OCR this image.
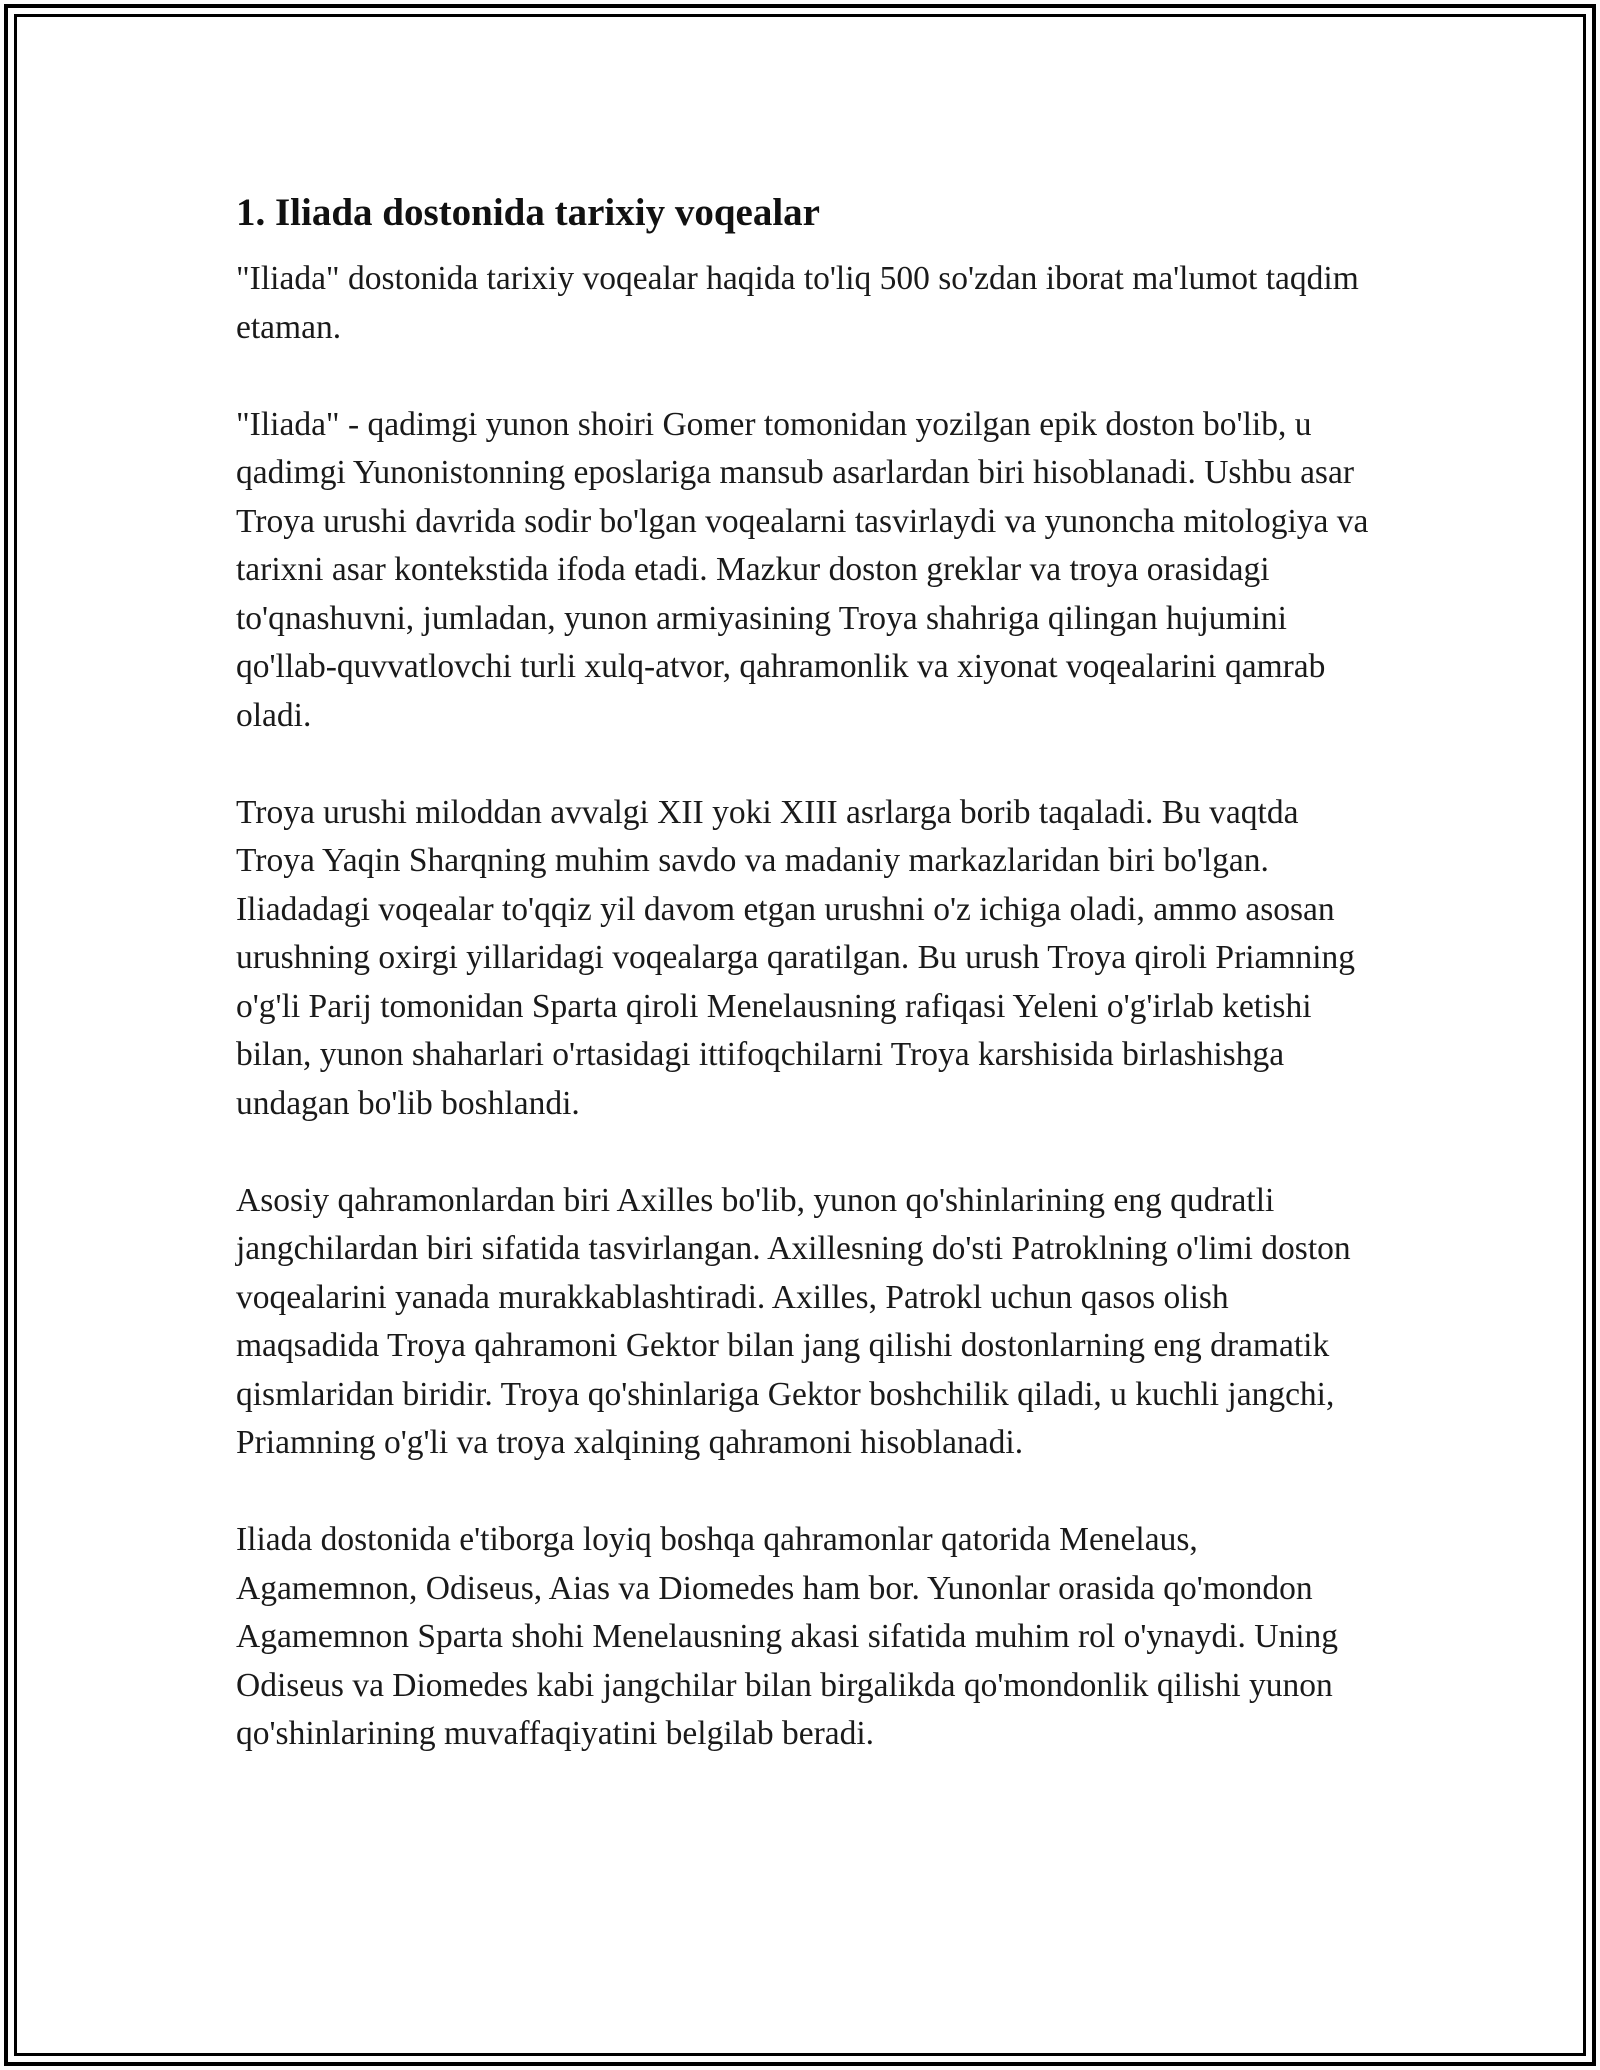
1. Iliada dostonida tarixiy voqealar

"Iliada" dostonida tarixiy voqealar haqida to'liq 500 so'zdan iborat ma'lumot taqdim etaman.

"Iliada" - qadimgi yunon shoiri Gomer tomonidan yozilgan epik doston bo'lib, u qadimgi Yunonistonning eposlariga mansub asarlardan biri hisoblanadi. Ushbu asar Troya urushi davrida sodir bo'lgan voqealarni tasvirlaydi va yunoncha mitologiya va tarixni asar kontekstida ifoda etadi. Mazkur doston greklar va troya orasidagi to'qnashuvni, jumladan, yunon armiyasining Troya shahriga qilingan hujumini qo'llab-quvvatlovchi turli xulq-atvor, qahramonlik va xiyonat voqealarini qamrab oladi.

Troya urushi miloddan avvalgi XII yoki XIII asrlarga borib taqaladi. Bu vaqtda Troya Yaqin Sharqning muhim savdo va madaniy markazlaridan biri bo'lgan. Iliadadagi voqealar to'qqiz yil davom etgan urushni o'z ichiga oladi, ammo asosan urushning oxirgi yillaridagi voqealarga qaratilgan. Bu urush Troya qiroli Priamning o'g'li Parij tomonidan Sparta qiroli Menelausning rafiqasi Yeleni o'g'irlab ketishi bilan, yunon shaharlari o'rtasidagi ittifoqchilarni Troya karshisida birlashishga undagan bo'lib boshlandi.

Asosiy qahramonlardan biri Axilles bo'lib, yunon qo'shinlarining eng qudratli jangchilardan biri sifatida tasvirlangan. Axillesning do'sti Patroklning o'limi doston voqealarini yanada murakkablashtiradi. Axilles, Patrokl uchun qasos olish maqsadida Troya qahramoni Gektor bilan jang qilishi dostonlarning eng dramatik qismlaridan biridir. Troya qo'shinlariga Gektor boshchilik qiladi, u kuchli jangchi, Priamning o'g'li va troya xalqining qahramoni hisoblanadi.

Iliada dostonida e'tiborga loyiq boshqa qahramonlar qatorida Menelaus, Agamemnon, Odiseus, Aias va Diomedes ham bor. Yunonlar orasida qo'mondon Agamemnon Sparta shohi Menelausning akasi sifatida muhim rol o'ynaydi. Uning Odiseus va Diomedes kabi jangchilar bilan birgalikda qo'mondonlik qilishi yunon qo'shinlarining muvaffaqiyatini belgilab beradi.
